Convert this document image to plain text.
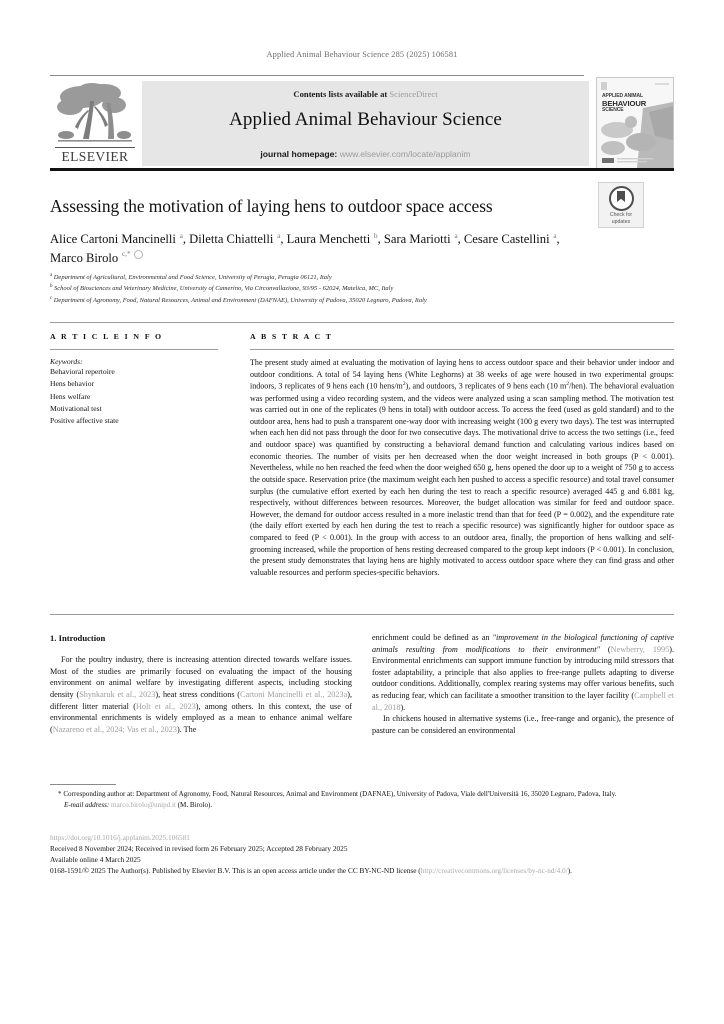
Applied Animal Behaviour Science 285 (2025) 106581
ELSEVIER
Contents lists available at ScienceDirect
Applied Animal Behaviour Science
journal homepage: www.elsevier.com/locate/applanim
APPLIED ANIMAL
BEHAVIOUR
SCIENCE
Check for
updates
Assessing the motivation of laying hens to outdoor space access
Alice Cartoni Mancinelli $^a$, Diletta Chiattelli $^a$, Laura Menchetti $^b$, Sara Mariotti $^a$, Cesare Castellini $^a$, Marco Birolo $^{c,*}$
$^a$ Department of Agricultural, Environmental and Food Science, University of Perugia, Perugia 06121, Italy
$^b$ School of Biosciences and Veterinary Medicine, University of Camerino, Via Circonvallazione, 93/95 - 62024, Matelica, MC, Italy
$^c$ Department of Agronomy, Food, Natural Resources, Animal and Environment (DAFNAE), University of Padova, 35020 Legnaro, Padova, Italy
A R T I C L E I N F O
Keywords:
Behavioral repertoire
Hens behavior
Hens welfare
Motivational test
Positive affective state
A B S T R A C T
The present study aimed at evaluating the motivation of laying hens to access outdoor space and their behavior under indoor and outdoor conditions. A total of 54 laying hens (White Leghorns) at 38 weeks of age were housed in two experimental groups: indoors, 3 replicates of 9 hens each (10 hens/$m^2$), and outdoors, 3 replicates of 9 hens each (10 $m^2/hen$). The behavioral evaluation was performed using a video recording system, and the videos were analyzed using a scan sampling method. The motivation test was carried out in one of the replicates (9 hens in total) with outdoor access. To access the feed (used as gold standard) and to the outdoor area, hens had to push a transparent one-way door with increasing weight (100 g every two days). The test was interrupted when each hen did not pass through the door for two consecutive days. The motivational drive to access the two settings (i.e., feed and outdoor space) was quantified by constructing a behavioral demand function and calculating various indices based on economic theories. The number of visits per hen decreased when the door weight increased in both groups (P < 0.001). Nevertheless, while no hen reached the feed when the door weighed 650 g, hens opened the door up to a weight of 750 g to access the outside space. Reservation price (the maximum weight each hen pushed to access a specific resource) and total travel consumer surplus (the cumulative effort exerted by each hen during the test to reach a specific resource) averaged 445 g and 6.881 kg, respectively, without differences between resources. Moreover, the budget allocation was similar for feed and outdoor space. However, the demand for outdoor access resulted in a more inelastic trend than that for feed (P = 0.002), and the expenditure rate (the daily effort exerted by each hen during the test to reach a specific resource) was significantly higher for outdoor space as compared to feed (P < 0.001). In the group with access to an outdoor area, finally, the proportion of hens walking and self-grooming increased, while the proportion of hens resting decreased compared to the group kept indoors (P < 0.001). In conclusion, the present study demonstrates that laying hens are highly motivated to access outdoor space where they can find grass and other valuable resources and perform species-specific behaviors.
1. Introduction

For the poultry industry, there is increasing attention directed towards welfare issues. Most of the studies are primarily focused on evaluating the impact of the housing environment on animal welfare by investigating different aspects, including stocking density (Shynkaruk et al., 2023), heat stress conditions (Cartoni Mancinelli et al., 2023a), different litter material (Holt et al., 2023), among others. In this context, the use of environmental enrichments is widely employed as a mean to enhance animal welfare (Nazareno et al., 2024; Vas et al., 2023). The

enrichment could be defined as an "improvement in the biological functioning of captive animals resulting from modifications to their environment" (Newberry, 1995). Environmental enrichments can support immune function by introducing mild stressors that foster adaptability, a principle that also applies to free-range pullets adapting to diverse outdoor conditions. Additionally, complex rearing systems may offer various benefits, such as reducing fear, which can facilitate a smoother transition to the layer facility (Campbell et al., 2018).

In chickens housed in alternative systems (i.e., free-range and organic), the presence of pasture can be considered an environmental

* Corresponding author at: Department of Agronomy, Food, Natural Resources, Animal and Environment (DAFNAE), University of Padova, Viale dell'Università 16, 35020 Legnaro, Padova, Italy.
E-mail address: marco.birolo@unipd.it (M. Birolo).
https://doi.org/10.1016/j.applanim.2025.106581
Received 8 November 2024; Received in revised form 26 February 2025; Accepted 28 February 2025
Available online 4 March 2025
0168-1591/© 2025 The Author(s). Published by Elsevier B.V. This is an open access article under the CC BY-NC-ND license (http://creativecommons.org/licenses/by-nc-nd/4.0/).
